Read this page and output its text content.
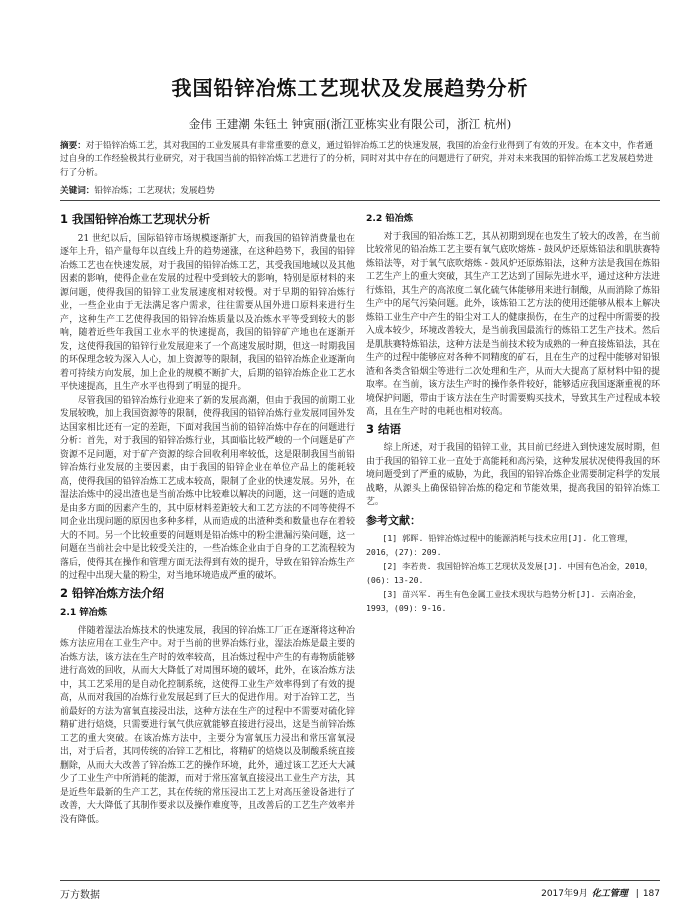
我国铅锌冶炼工艺现状及发展趋势分析
金伟 王建潮 朱钰土 钟寅丽(浙江亚栋实业有限公司，浙江 杭州)
摘要：对于铅锌冶炼工艺，其对我国的工业发展具有非常重要的意义，通过铅锌冶炼工艺的快速发展，我国的冶金行业得到了有效的开发。在本文中，作者通过自身的工作经验极其行业研究，对于我国当前的铅锌冶炼工艺进行了的分析，同时对其中存在的问题进行了研究，并对未来我国的铅锌冶炼工艺发展趋势进行了分析。
关键词：铅锌冶炼；工艺现状；发展趋势
1 我国铅锌冶炼工艺现状分析

21 世纪以后，国际铅锌市场规模逐渐扩大，而我国的铅锌消费量也在逐年上升，铅产量每年以直线上升的趋势递涨，在这种趋势下，我国的铅锌冶炼工艺也在快速发展，对于我国的铅锌冶炼工艺，其受我国地域以及其他因素的影响，使得企业在发展的过程中受到较大的影响，特别是原材料的来源问题，使得我国的铅锌工业发展速度相对较慢。对于早期的铅锌冶炼行业，一些企业由于无法满足客户需求，往往需要从国外进口原料来进行生产，这种生产工艺使得我国的铅锌冶炼质量以及冶炼水平等受到较大的影响，随着近些年我国工业水平的快速提高，我国的铅锌矿产地也在逐渐开发，这使得我国的铅锌行业发展迎来了一个高速发展时期，但这一时期我国的环保理念较为深入人心，加上资源等的限制，我国的铅锌冶炼企业逐渐向着可持续方向发展，加上企业的规模不断扩大，后期的铅锌冶炼企业工艺水平快速提高，且生产水平也得到了明显的提升。

尽管我国的铅锌冶炼行业迎来了新的发展高潮，但由于我国的前期工业发展较晚，加上我国资源等的限制，使得我国的铅锌冶炼行业发展同国外发达国家相比还有一定的差距，下面对我国当前的铅锌冶炼中存在的问题进行分析：首先，对于我国的铅锌冶炼行业，其面临比较严峻的一个问题是矿产资源不足问题，对于矿产资源的综合回收利用率较低，这是限制我国当前铅锌冶炼行业发展的主要因素，由于我国的铅锌企业在单位产品上的能耗较高，使得我国的铅锌冶炼工艺成本较高，限制了企业的快速发展。另外，在湿法冶炼中的浸出渣也是当前冶炼中比较难以解决的问题，这一问题的造成是由多方面的因素产生的，其中原材料差距较大和工艺方法的不同等使得不同企业出现问题的原因也多种多样，从而造成的出渣种类和数量也存在着较大的不同。另一个比较重要的问题则是铅冶炼中的粉尘泄漏污染问题，这一问题在当前社会中是比较受关注的，一些冶炼企业由于自身的工艺流程较为落后，使得其在操作和管理方面无法得到有效的提升，导致在铅锌冶炼生产的过程中出现大量的粉尘，对当地环境造成严重的破坏。

2 铅锌冶炼方法介绍
2.1 锌冶炼

伴随着湿法冶炼技术的快速发展，我国的锌冶炼工厂正在逐渐将这种冶炼方法应用在工业生产中。对于当前的世界冶炼行业，湿法冶炼是最主要的冶炼方法，该方法在生产时的效率较高，且冶炼过程中产生的有毒物质能够进行高效的回收，从而大大降低了对周围环境的破坏，此外，在该冶炼方法中，其工艺采用的是自动化控制系统，这使得工业生产效率得到了有效的提高，从而对我国的冶炼行业发展起到了巨大的促进作用。对于冶锌工艺，当前最好的方法为富氧直接浸出法，这种方法在生产的过程中不需要对硫化锌精矿进行焙烧，只需要进行氧气供应就能够直接进行浸出，这是当前锌冶炼工艺的重大突破。在该冶炼方法中，主要分为富氧压力浸出和常压富氧浸出，对于后者，其同传统的冶锌工艺相比，将精矿的焙烧以及制酸系统直接删除，从而大大改善了锌冶炼工艺的操作环境，此外，通过该工艺还大大减少了工业生产中所消耗的能源，而对于常压富氧直接浸出工业生产方法，其是近些年最新的生产工艺，其在传统的常压浸出工艺上对高压釜设备进行了改善，大大降低了其制作要求以及操作难度等，且改善后的工艺生产效率并没有降低。

2.2 铅冶炼

对于我国的铅冶炼工艺，其从初期到现在也发生了较大的改善，在当前比较常见的铅冶炼工艺主要有氧气底吹熔炼 - 鼓风炉还原炼铅法和肌肤赛特炼铅法等，对于氧气底吹熔炼 - 鼓风炉还原炼铅法，这种方法是我国在炼铅工艺生产上的重大突破，其生产工艺达到了国际先进水平，通过这种方法进行炼铅，其生产的高浓度二氧化硫气体能够用来进行制酸，从而消除了炼铅生产中的尾气污染问题。此外，该炼铅工艺方法的使用还能够从根本上解决炼铅工业生产中产生的铅尘对工人的健康损伤，在生产的过程中所需要的投入成本较少，环境改善较大，是当前我国最流行的炼铅工艺生产技术。然后是肌肤赛特炼铅法，这种方法是当前技术较为成熟的一种直接炼铅法，其在生产的过程中能够应对各种不同精度的矿石，且在生产的过程中能够对铅银渣和各类含铅烟尘等进行二次处理和生产，从而大大提高了原材料中铅的提取率。在当前，该方法生产时的操作条件较好，能够适应我国逐渐重视的环境保护问题，带由于该方法在生产时需要购买技术，导致其生产过程成本较高，且在生产时的电耗也相对较高。

3 结语

综上所述，对于我国的铅锌工业，其目前已经进入到快速发展时期，但由于我国的铅锌工业一直处于高能耗和高污染，这种发展状况使得我国的环境问题受到了严重的威胁，为此，我国的铅锌冶炼企业需要制定科学的发展战略，从源头上确保铅锌冶炼的稳定和节能效果，提高我国的铅锌冶炼工艺。

参考文献：

[1] 郭晖. 铅锌冶炼过程中的能源消耗与技术应用[J]. 化工管理，2016，(27)：209.

[2] 李若贵. 我国铅锌冶炼工艺现状及发展[J]. 中国有色冶金，2010，(06)：13-20.

[3] 苗兴军. 再生有色金属工业技术现状与趋势分析[J]. 云南冶金，1993，(09)：9-16.

万方数据	2017年9月 化工管理 | 187
